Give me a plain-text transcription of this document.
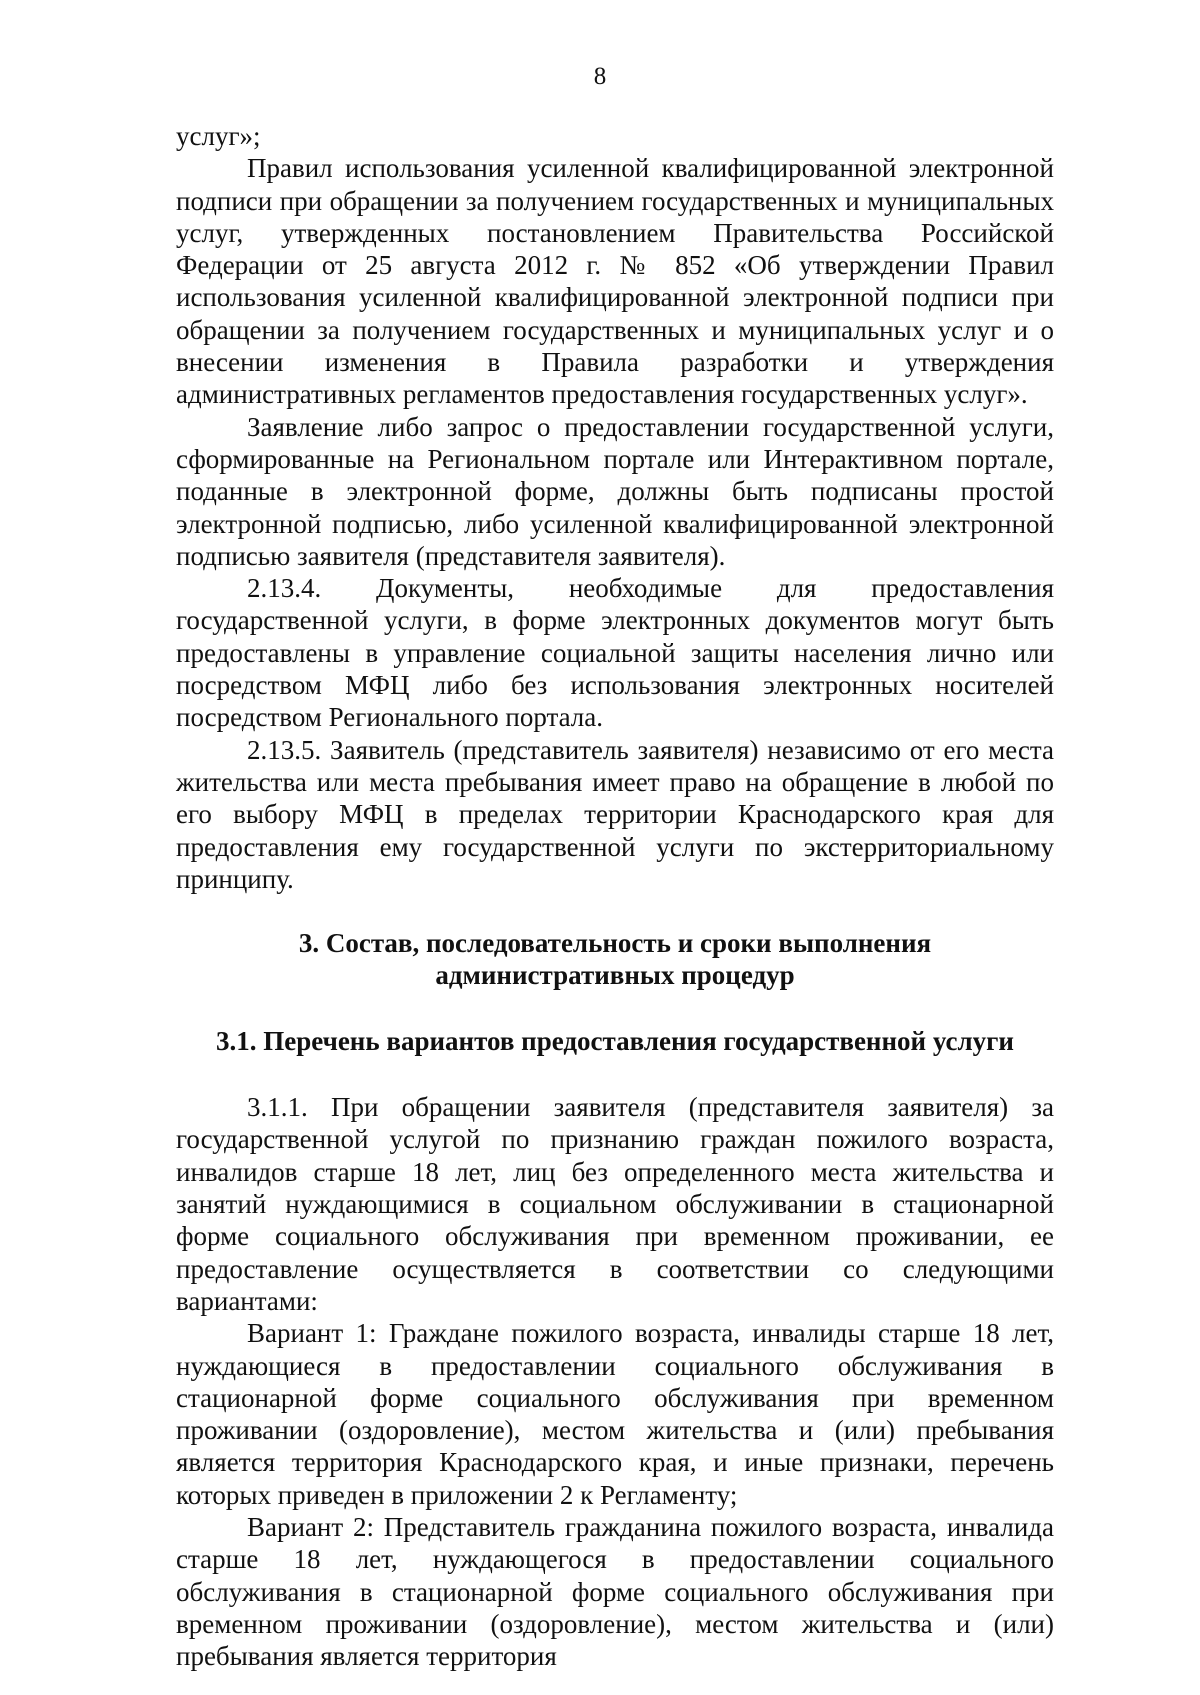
8

услуг»;

Правил использования усиленной квалифицированной электронной подписи при обращении за получением государственных и муниципальных услуг, утвержденных постановлением Правительства Российской Федерации от 25 августа 2012 г. № 852 «Об утверждении Правил использования усиленной квалифицированной электронной подписи при обращении за получением государственных и муниципальных услуг и о внесении изменения в Правила разработки и утверждения административных регламентов предоставления государственных услуг».

Заявление либо запрос о предоставлении государственной услуги, сформированные на Региональном портале или Интерактивном портале, поданные в электронной форме, должны быть подписаны простой электронной подписью, либо усиленной квалифицированной электронной подписью заявителя (представителя заявителя).

2.13.4. Документы, необходимые для предоставления государственной услуги, в форме электронных документов могут быть предоставлены в управление социальной защиты населения лично или посредством МФЦ либо без использования электронных носителей посредством Регионального портала.

2.13.5. Заявитель (представитель заявителя) независимо от его места жительства или места пребывания имеет право на обращение в любой по его выбору МФЦ в пределах территории Краснодарского края для предоставления ему государственной услуги по экстерриториальному принципу.

3. Состав, последовательность и сроки выполнения
административных процедур
3.1. Перечень вариантов предоставления государственной услуги

3.1.1. При обращении заявителя (представителя заявителя) за государственной услугой по признанию граждан пожилого возраста, инвалидов старше 18 лет, лиц без определенного места жительства и занятий нуждающимися в социальном обслуживании в стационарной форме социального обслуживания при временном проживании, ее предоставление осуществляется в соответствии со следующими вариантами:

Вариант 1: Граждане пожилого возраста, инвалиды старше 18 лет, нуждающиеся в предоставлении социального обслуживания в стационарной форме социального обслуживания при временном проживании (оздоровление), местом жительства и (или) пребывания является территория Краснодарского края, и иные признаки, перечень которых приведен в приложении 2 к Регламенту;

Вариант 2: Представитель гражданина пожилого возраста, инвалида старше 18 лет, нуждающегося в предоставлении социального обслуживания в стационарной форме социального обслуживания при временном проживании (оздоровление), местом жительства и (или) пребывания является территория
